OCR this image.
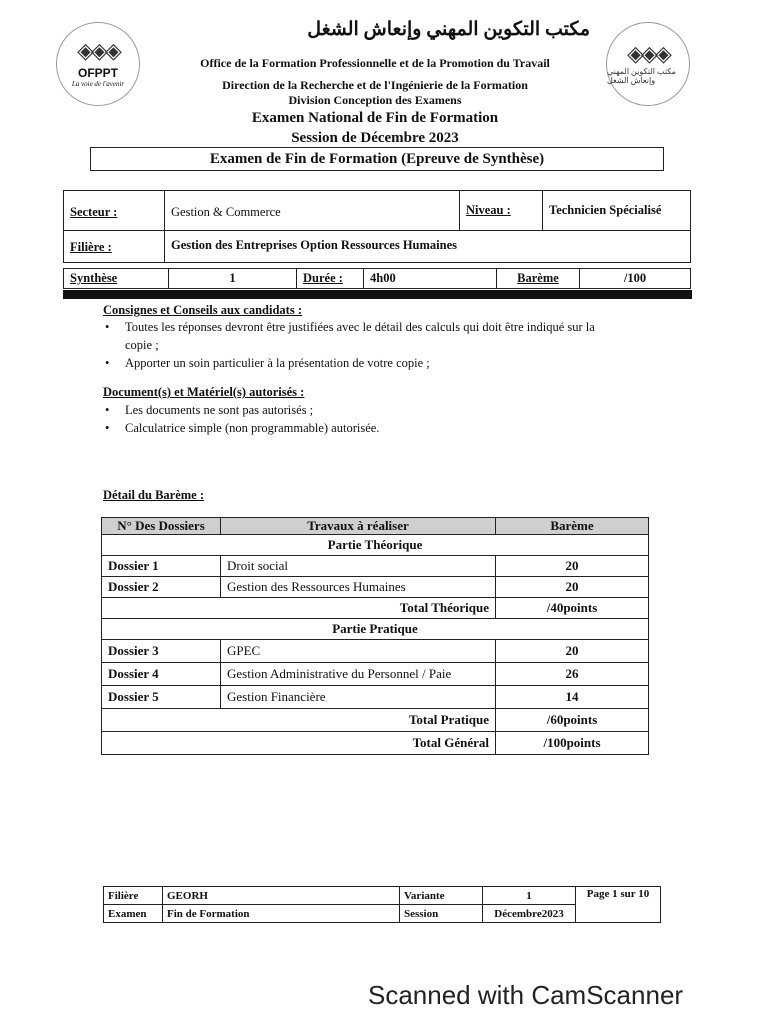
◈◈◈
OFPPT
La voie de l'avenir
◈◈◈
مكتب التكوين المهني وإنعاش الشغل
مكتب التكوين المهني وإنعاش الشغل
Office de la Formation Professionnelle et de la Promotion du Travail
Direction de la Recherche et de l'Ingénierie de la Formation
Division Conception des Examens
Examen National de Fin de Formation
Session de Décembre 2023
Examen de Fin de Formation (Epreuve de Synthèse)
Secteur :	Gestion & Commerce	Niveau :	Technicien Spécialisé
Filière :	Gestion des Entreprises Option Ressources Humaines		
Synthèse	1	Durée :	4h00	Barème	/100
Consignes et Conseils aux candidats :
• Toutes les réponses devront être justifiées avec le détail des calculs qui doit être indiqué sur la
copie ;
• Apporter un soin particulier à la présentation de votre copie ;
Document(s) et Matériel(s) autorisés :
• Les documents ne sont pas autorisés ;
• Calculatrice simple (non programmable) autorisée.
Détail du Barème :
N° Des Dossiers	Travaux à réaliser	Barème
Partie Théorique		
Dossier 1	Droit social	20
Dossier 2	Gestion des Ressources Humaines	20
Total Théorique		/40points
Partie Pratique		
Dossier 3	GPEC	20
Dossier 4	Gestion Administrative du Personnel / Paie	26
Dossier 5	Gestion Financière	14
Total Pratique		/60points
Total Général		/100points
Filière	GEORH	Variante	1	Page 1 sur 10
Examen	Fin de Formation	Session	Décembre2023	
Scanned with CamScanner
